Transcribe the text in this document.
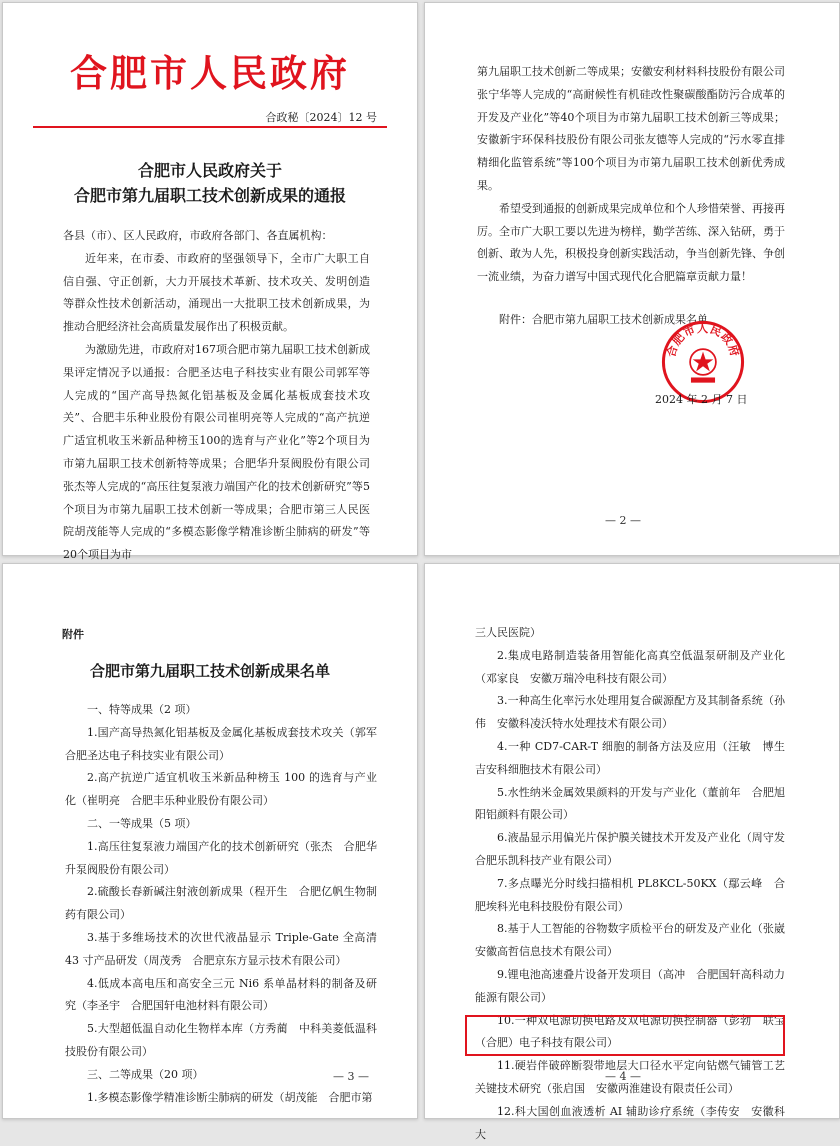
合肥市人民政府
合政秘〔2024〕12 号
合肥市人民政府关于
合肥市第九届职工技术创新成果的通报

各县（市）、区人民政府，市政府各部门、各直属机构：

近年来，在市委、市政府的坚强领导下，全市广大职工自信自强、守正创新，大力开展技术革新、技术攻关、发明创造等群众性技术创新活动，涌现出一大批职工技术创新成果，为推动合肥经济社会高质量发展作出了积极贡献。

为激励先进，市政府对167项合肥市第九届职工技术创新成果评定情况予以通报：合肥圣达电子科技实业有限公司郭军等人完成的“国产高导热氮化铝基板及金属化基板成套技术攻关”、合肥丰乐种业股份有限公司崔明亮等人完成的“高产抗逆广适宜机收玉米新品种榜玉100的选育与产业化”等2个项目为市第九届职工技术创新特等成果；合肥华升泵阀股份有限公司张杰等人完成的“高压往复泵液力端国产化的技术创新研究”等5个项目为市第九届职工技术创新一等成果；合肥市第三人民医院胡茂能等人完成的“多模态影像学精准诊断尘肺病的研发”等20个项目为市

第九届职工技术创新二等成果；安徽安利材料科技股份有限公司张宁华等人完成的“高耐候性有机硅改性聚碳酸酯防污合成革的开发及产业化”等40个项目为市第九届职工技术创新三等成果；安徽新宇环保科技股份有限公司张友德等人完成的“污水零直排精细化监管系统”等100个项目为市第九届职工技术创新优秀成果。

希望受到通报的创新成果完成单位和个人珍惜荣誉、再接再厉。全市广大职工要以先进为榜样，勤学苦练、深入钻研，勇于创新、敢为人先，积极投身创新实践活动，争当创新先锋、争创一流业绩，为奋力谱写中国式现代化合肥篇章贡献力量！

附件：合肥市第九届职工技术创新成果名单

合肥市人民政府
2024 年 2 月 7 日
— 2 —
附件
合肥市第九届职工技术创新成果名单

一、特等成果（2 项）

1.国产高导热氮化铝基板及金属化基板成套技术攻关（郭军　合肥圣达电子科技实业有限公司）

2.高产抗逆广适宜机收玉米新品种榜玉 100 的选育与产业化（崔明亮　合肥丰乐种业股份有限公司）

二、一等成果（5 项）

1.高压往复泵液力端国产化的技术创新研究（张杰　合肥华升泵阀股份有限公司）

2.硫酸长春新碱注射液创新成果（程开生　合肥亿帆生物制药有限公司）

3.基于多维场技术的次世代液晶显示 Triple-Gate 全高清 43 寸产品研发（周茂秀　合肥京东方显示技术有限公司）

4.低成本高电压和高安全三元 Ni6 系单晶材料的制备及研究（李圣宇　合肥国轩电池材料有限公司）

5.大型超低温自动化生物样本库（方秀蔺　中科美菱低温科技股份有限公司）

三、二等成果（20 项）

1.多模态影像学精准诊断尘肺病的研发（胡茂能　合肥市第

— 3 —

三人民医院）

2.集成电路制造装备用智能化高真空低温泵研制及产业化（邓家良　安徽万瑞冷电科技有限公司）

3.一种高生化率污水处理用复合碳源配方及其制备系统（孙伟　安徽科凌沃特水处理技术有限公司）

4.一种 CD7-CAR-T 细胞的制备方法及应用（汪敏　博生吉安科细胞技术有限公司）

5.水性纳米金属效果颜料的开发与产业化（董前年　合肥旭阳铝颜料有限公司）

6.液晶显示用偏光片保护膜关键技术开发及产业化（周守发　合肥乐凯科技产业有限公司）

7.多点曝光分时线扫描相机 PL8KCL-50KX（鄢云峰　合肥埃科光电科技股份有限公司）

8.基于人工智能的谷物数字质检平台的研发及产业化（张崴　安徽高哲信息技术有限公司）

9.锂电池高速叠片设备开发项目（高冲　合肥国轩高科动力能源有限公司）

10.一种双电源切换电路及双电源切换控制器（彭勃　联宝（合肥）电子科技有限公司）

11.硬岩伴破碎断裂带地层大口径水平定向钻燃气铺管工艺关键技术研究（张启国　安徽两淮建设有限责任公司）

12.科大国创血液透析 AI 辅助诊疗系统（李传安　安徽科大

— 4 —
